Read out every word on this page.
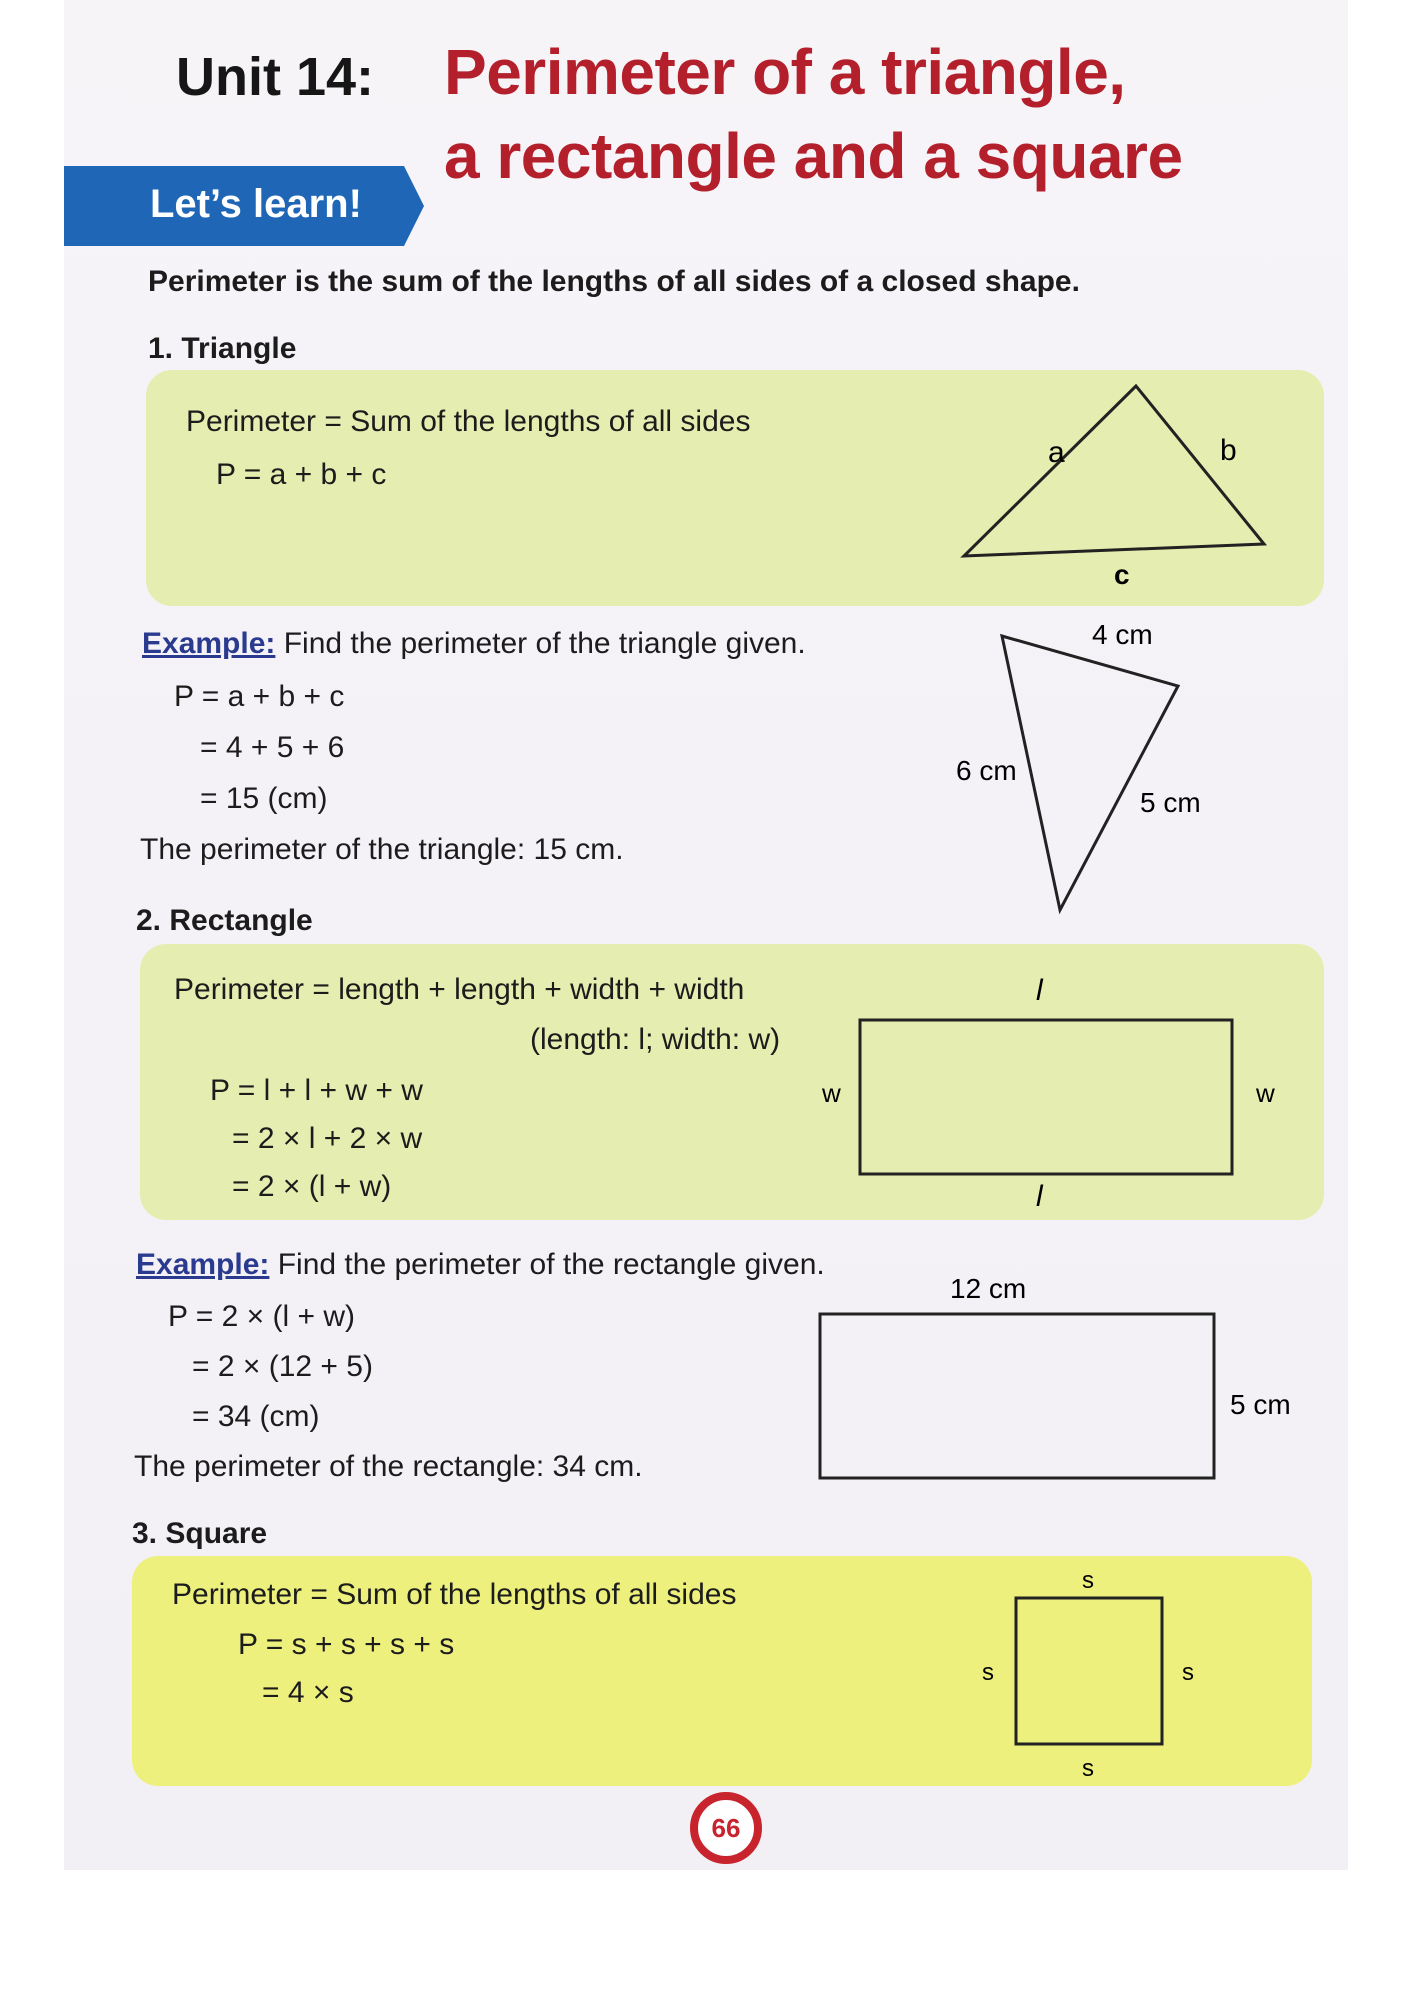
Unit 14: Perimeter of a triangle,
a rectangle and a square
Let’s learn!
Perimeter is the sum of the lengths of all sides of a closed shape.
1. Triangle
Perimeter = Sum of the lengths of all sides
P = a + b + c
a	b
c
Example: Find the perimeter of the triangle given.
P = a + b + c
= 4 + 5 + 6
= 15 (cm)
The perimeter of the triangle: 15 cm.
4 cm
6 cm
5 cm
2. Rectangle
Perimeter = length + length + width + width
(length: l; width: w)
P = l + l + w + w
= 2 × l + 2 × w
= 2 × (l + w)
l
l
w	w
Example: Find the perimeter of the rectangle given.
P = 2 × (l + w)
= 2 × (12 + 5)
= 34 (cm)
The perimeter of the rectangle: 34 cm.
12 cm
5 cm
3. Square
Perimeter = Sum of the lengths of all sides
P = s + s + s + s
= 4 × s
s
s	s
s
66
